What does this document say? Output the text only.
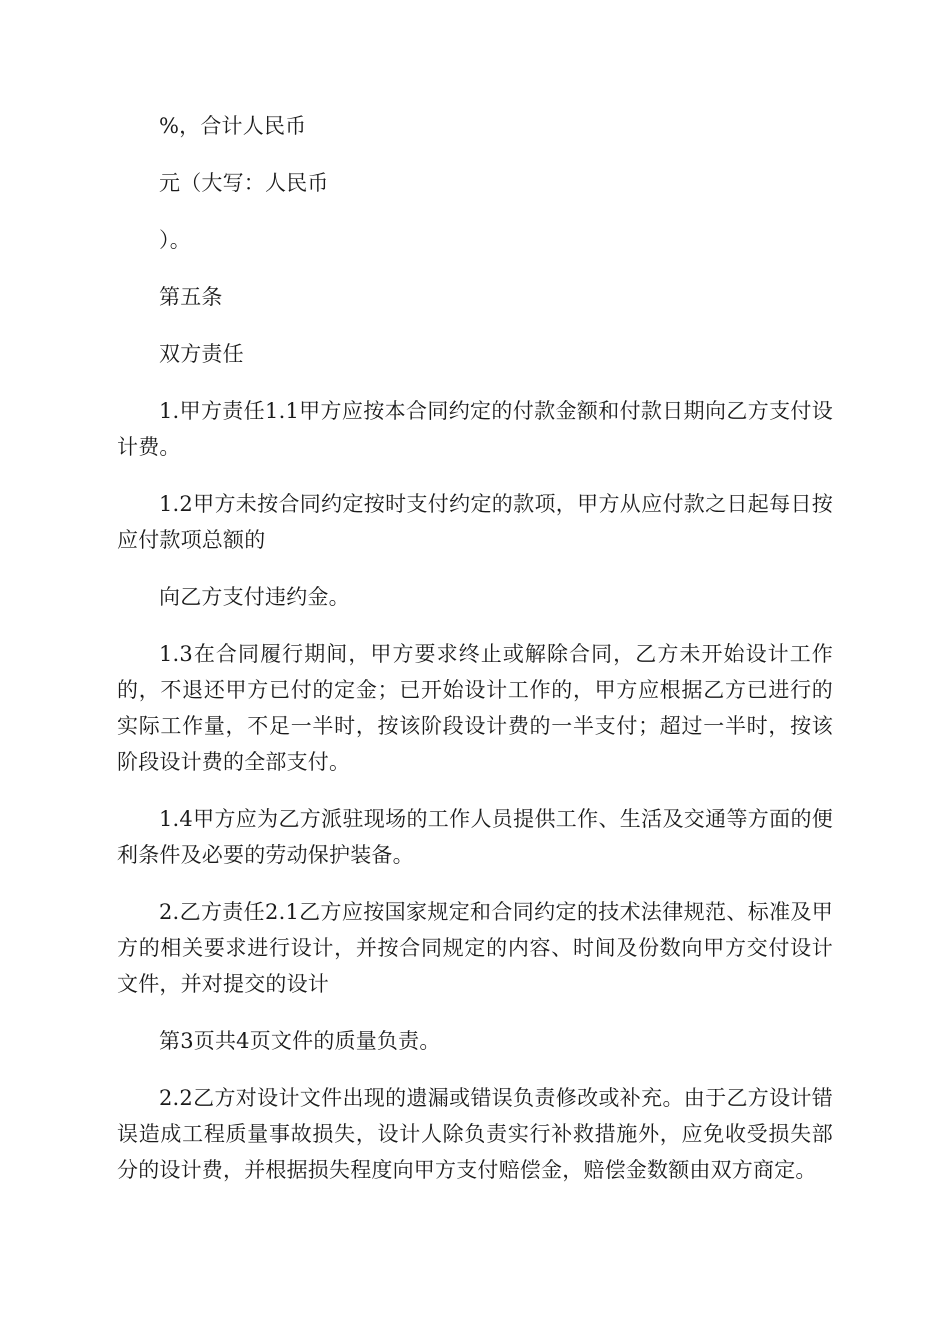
%，合计人民币

元（大写：人民币

）。

第五条

双方责任

1.甲方责任1.1甲方应按本合同约定的付款金额和付款日期向乙方支付设计费。

1.2甲方未按合同约定按时支付约定的款项，甲方从应付款之日起每日按应付款项总额的

向乙方支付违约金。

1.3在合同履行期间，甲方要求终止或解除合同，乙方未开始设计工作的，不退还甲方已付的定金；已开始设计工作的，甲方应根据乙方已进行的实际工作量，不足一半时，按该阶段设计费的一半支付；超过一半时，按该阶段设计费的全部支付。

1.4甲方应为乙方派驻现场的工作人员提供工作、生活及交通等方面的便利条件及必要的劳动保护装备。

2.乙方责任2.1乙方应按国家规定和合同约定的技术法律规范、标准及甲方的相关要求进行设计，并按合同规定的内容、时间及份数向甲方交付设计文件，并对提交的设计

第3页共4页文件的质量负责。

2.2乙方对设计文件出现的遗漏或错误负责修改或补充。由于乙方设计错误造成工程质量事故损失，设计人除负责实行补救措施外，应免收受损失部分的设计费，并根据损失程度向甲方支付赔偿金，赔偿金数额由双方商定。
